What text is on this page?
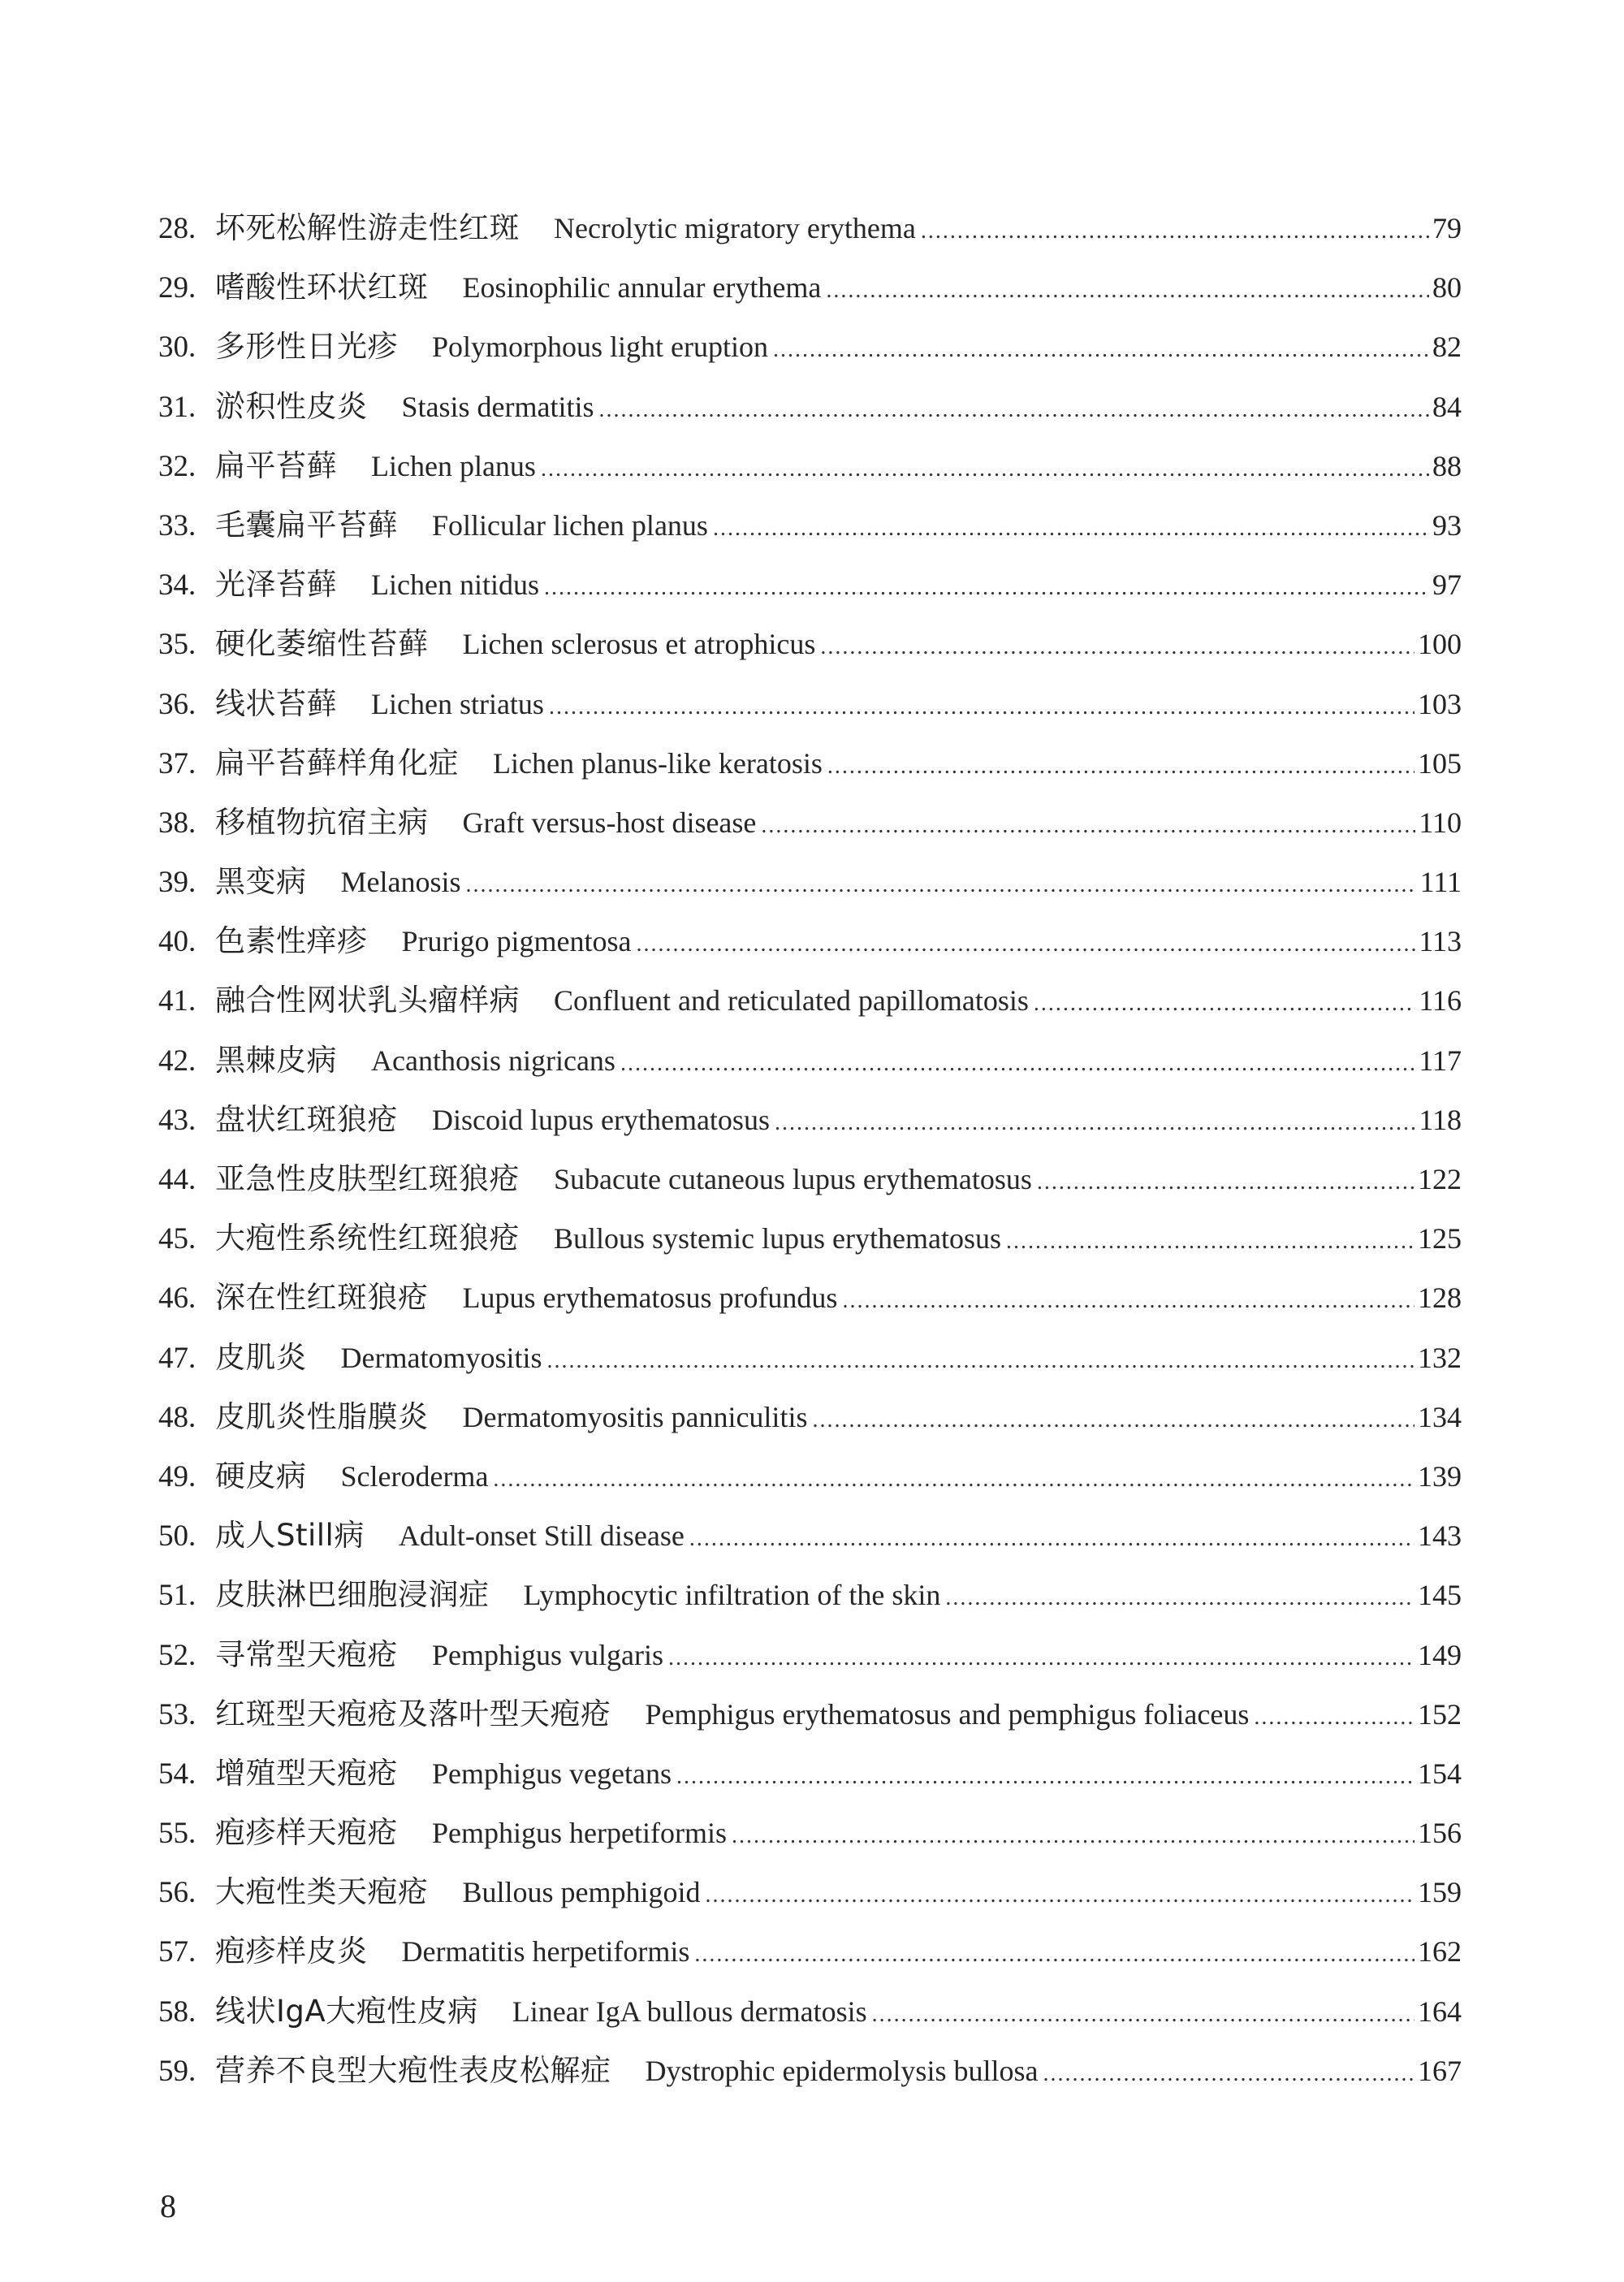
28. 坏死松解性游走性红斑 Necrolytic migratory erythema .....	79
29. 嗜酸性环状红斑 Eosinophilic annular erythema .....	80
30. 多形性日光疹 Polymorphous light eruption .....	82
31. 淤积性皮炎 Stasis dermatitis .....	84
32. 扁平苔藓 Lichen planus .....	88
33. 毛囊扁平苔藓 Follicular lichen planus .....	93
34. 光泽苔藓 Lichen nitidus .....	97
35. 硬化萎缩性苔藓 Lichen sclerosus et atrophicus .....	100
36. 线状苔藓 Lichen striatus .....	103
37. 扁平苔藓样角化症 Lichen planus-like keratosis .....	105
38. 移植物抗宿主病 Graft versus-host disease .....	110
39. 黑变病 Melanosis .....	111
40. 色素性痒疹 Prurigo pigmentosa .....	113
41. 融合性网状乳头瘤样病 Confluent and reticulated papillomatosis .....	116
42. 黑棘皮病 Acanthosis nigricans .....	117
43. 盘状红斑狼疮 Discoid lupus erythematosus .....	118
44. 亚急性皮肤型红斑狼疮 Subacute cutaneous lupus erythematosus .....	122
45. 大疱性系统性红斑狼疮 Bullous systemic lupus erythematosus .....	125
46. 深在性红斑狼疮 Lupus erythematosus profundus .....	128
47. 皮肌炎 Dermatomyositis .....	132
48. 皮肌炎性脂膜炎 Dermatomyositis panniculitis .....	134
49. 硬皮病 Scleroderma .....	139
50. 成人Still病 Adult-onset Still disease .....	143
51. 皮肤淋巴细胞浸润症 Lymphocytic infiltration of the skin .....	145
52. 寻常型天疱疮 Pemphigus vulgaris .....	149
53. 红斑型天疱疮及落叶型天疱疮 Pemphigus erythematosus and pemphigus foliaceus .....	152
54. 增殖型天疱疮 Pemphigus vegetans .....	154
55. 疱疹样天疱疮 Pemphigus herpetiformis .....	156
56. 大疱性类天疱疮 Bullous pemphigoid .....	159
57. 疱疹样皮炎 Dermatitis herpetiformis .....	162
58. 线状IgA大疱性皮病 Linear IgA bullous dermatosis .....	164
59. 营养不良型大疱性表皮松解症 Dystrophic epidermolysis bullosa .....	167
8
